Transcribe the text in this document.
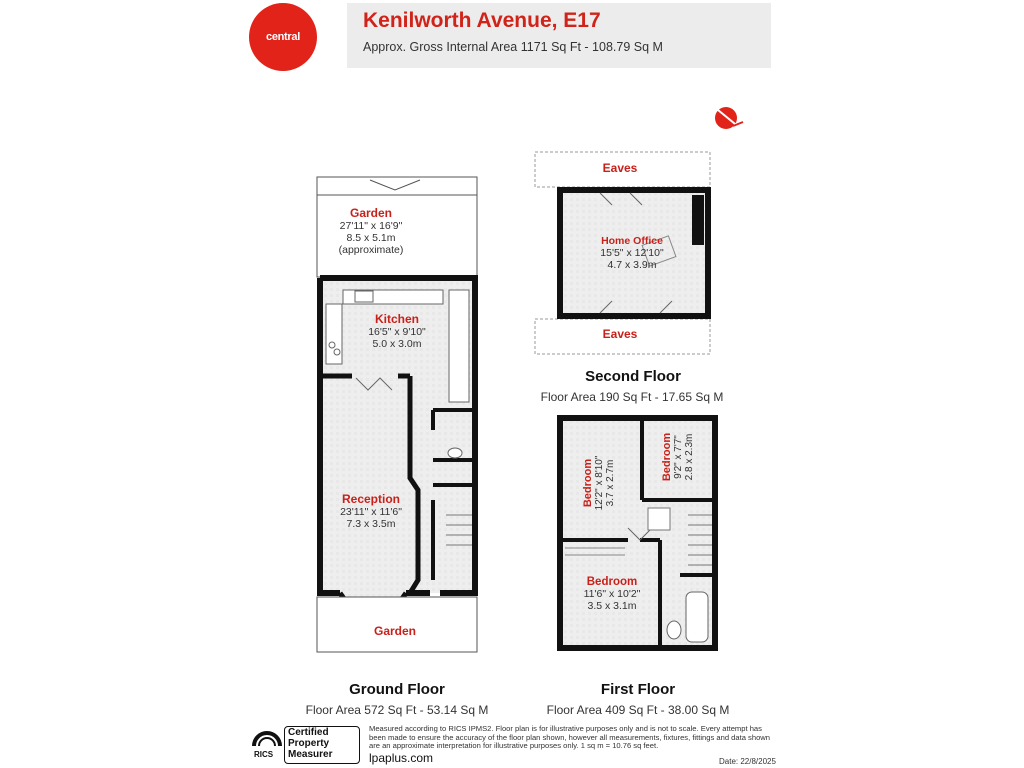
central
Kenilworth Avenue, E17
Approx. Gross Internal Area 1171 Sq Ft - 108.79 Sq M
Garden
27'11" x 16'9"
8.5 x 5.1m
(approximate)
Kitchen
16'5" x 9'10"
5.0 x 3.0m
Reception
23'11" x 11'6"
7.3 x 3.5m
Garden
Ground Floor
Floor Area 572 Sq Ft - 53.14 Sq M
Eaves
Eaves
Home Office
15'5" x 12'10"
4.7 x 3.9m
Second Floor
Floor Area 190 Sq Ft - 17.65 Sq M
Bedroom 12'2" x 8'10" 3.7 x 2.7m
Bedroom 9'2" x 7'7" 2.8 x 2.3m
Bedroom
11'6" x 10'2"
3.5 x 3.1m
First Floor
Floor Area 409 Sq Ft - 38.00 Sq M
RICS
Certified
Property
Measurer
Measured according to RICS IPMS2. Floor plan is for illustrative purposes only and is not to scale. Every attempt has been made to ensure the accuracy of the floor plan shown, however all measurements, fixtures, fittings and data shown are an approximate interpretation for illustrative purposes only. 1 sq m = 10.76 sq feet.
lpaplus.com	Date: 22/8/2025
